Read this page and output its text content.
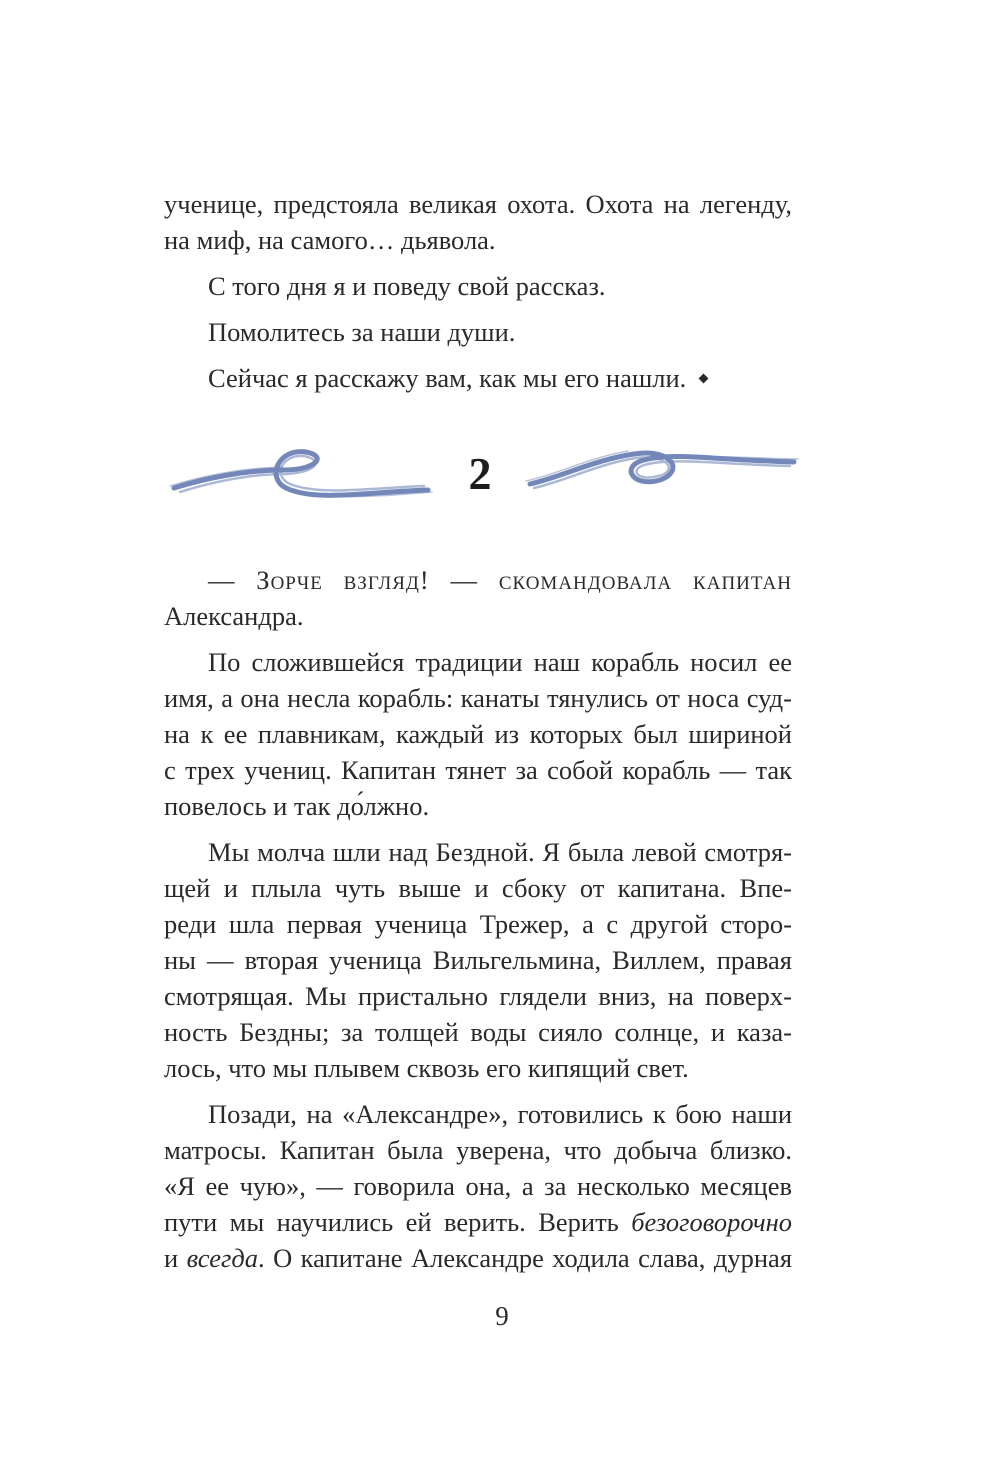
ученице, предстояла великая охота. Охота на легенду,
на миф, на самого… дьявола.
С того дня я и поведу свой рассказ.
Помолитесь за наши души.
Сейчас я расскажу вам, как мы его нашли.
2
— Зорче взгляд! — скомандовала капитан
Александра.
По сложившейся традиции наш корабль носил ее
имя, а она несла корабль: канаты тянулись от носа суд-
на к ее плавникам, каждый из которых был шириной
с трех учениц. Капитан тянет за собой корабль — так
повелось и так до́лжно.
Мы молча шли над Бездной. Я была левой смотря-
щей и плыла чуть выше и сбоку от капитана. Впе-
реди шла первая ученица Трежер, а с другой сторо-
ны — вторая ученица Вильгельмина, Виллем, правая
смотрящая. Мы пристально глядели вниз, на поверх-
ность Бездны; за толщей воды сияло солнце, и каза-
лось, что мы плывем сквозь его кипящий свет.
Позади, на «Александре», готовились к бою наши
матросы. Капитан была уверена, что добыча близко.
«Я ее чую», — говорила она, а за несколько месяцев
пути мы научились ей верить. Верить безоговорочно
и всегда. О капитане Александре ходила слава, дурная
9
